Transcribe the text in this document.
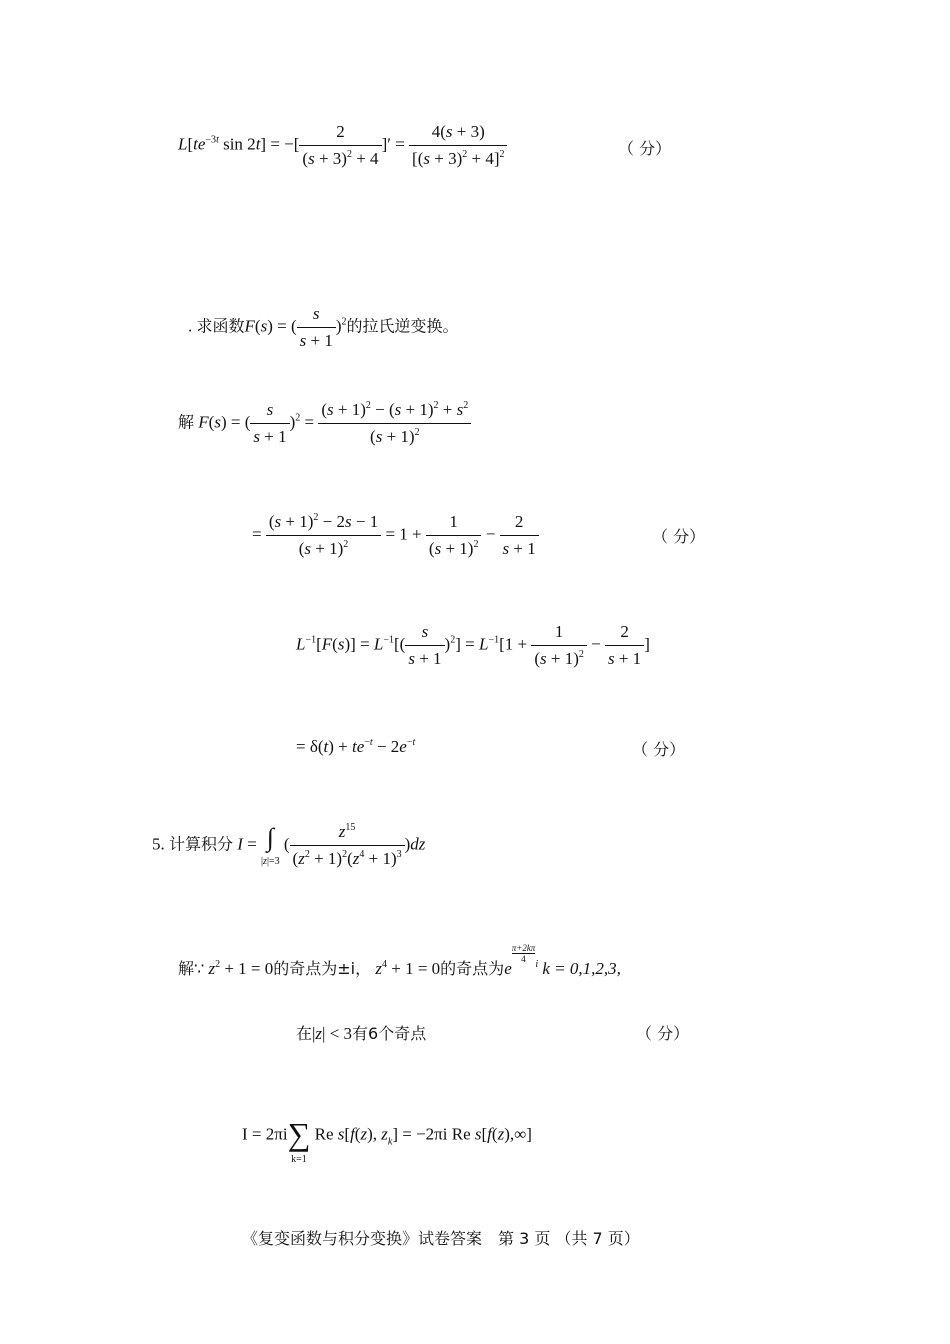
$L[te^{-3t}$ sin 2t] = −[ $\frac{2}{(s + 3)^2 + 4}$ ]′ = $\frac{4(s + 3)}{[(s + 3)^2 + 4]^2}$	（ 分）
. 求函数F(s) = ( $\frac{s}{s + 1} )^2$的拉氏逆变换。
解 F(s) = ( $\frac{s}{s + 1} )^2 = \frac{(s + 1)^2 - (s + 1)^2 + s^2}{(s + 1)^2}$
= $\frac{(s + 1)^2 - 2s - 1}{(s + 1)^2} = 1 + \frac{1}{(s + 1)^2} - \frac{2}{s + 1}$	（ 分）
$L^{-1}[F(s)] = L^{-1}[( \frac{s}{s + 1} )^2] = L^{-1}[1 + \frac{1}{(s + 1)^2} - \frac{2}{s + 1}$ ]
= $\delta(t) + te^{-t} - 2e^{-t}$	（ 分）
5. 计算积分 I = ∫
|z|=3
( $\frac{z^{15}}{(z^2 + 1)^2(z^4 + 1)^3} )dz$
解∵ $z^2 + 1 = 0$的奇点为±i， $z^4 + 1 = 0$的奇点为e
$\frac{\pi+2k\pi}{4}$
$^i$ k = 0,1,2,3,
在|z| < 3有6个奇点	（ 分）
I = 2πi ∑
k=1
Re s[f(z), $z_k] = -2\pi i$ Re s[f(z),∞]
《复变函数与积分变换》试卷答案　第 3 页 （共 7 页）
